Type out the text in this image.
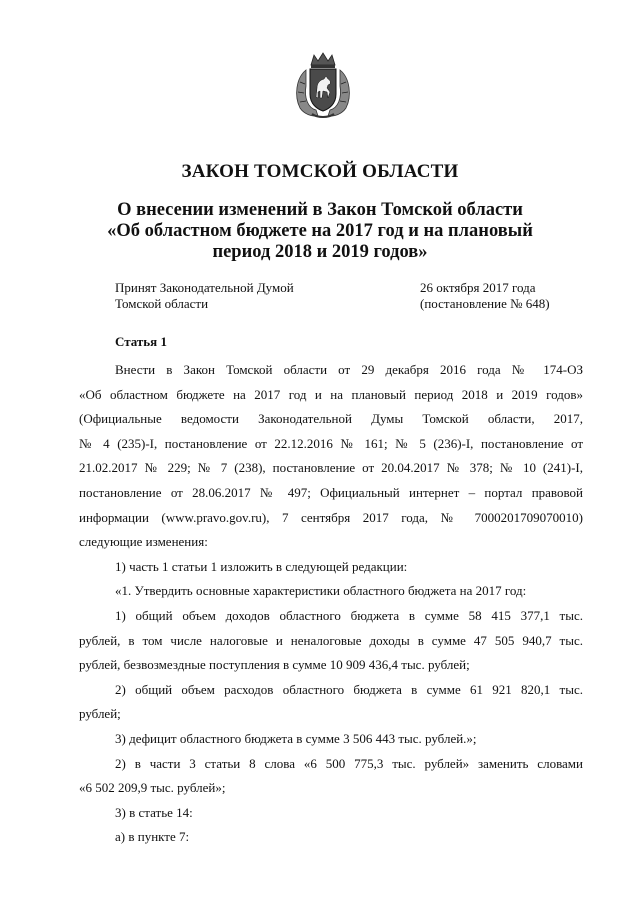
ЗАКОН ТОМСКОЙ ОБЛАСТИ
О внесении изменений в Закон Томской области
«Об областном бюджете на 2017 год и на плановый
период 2018 и 2019 годов»
Принят Законодательной Думой
Томской области
26 октября 2017 года
(постановление № 648)
Статья 1
Внести в Закон Томской области от 29 декабря 2016 года № 174-ОЗ
«Об областном бюджете на 2017 год и на плановый период 2018 и 2019 годов»
(Официальные ведомости Законодательной Думы Томской области, 2017,
№ 4 (235)-I, постановление от 22.12.2016 № 161; № 5 (236)-I, постановление от
21.02.2017 № 229; № 7 (238), постановление от 20.04.2017 № 378; № 10 (241)-I,
постановление от 28.06.2017 № 497; Официальный интернет – портал правовой
информации (www.pravo.gov.ru), 7 сентября 2017 года, № 7000201709070010)
следующие изменения:
1) часть 1 статьи 1 изложить в следующей редакции:
«1. Утвердить основные характеристики областного бюджета на 2017 год:
1) общий объем доходов областного бюджета в сумме 58 415 377,1 тыс.
рублей, в том числе налоговые и неналоговые доходы в сумме 47 505 940,7 тыс.
рублей, безвозмездные поступления в сумме 10 909 436,4 тыс. рублей;
2) общий объем расходов областного бюджета в сумме 61 921 820,1 тыс.
рублей;
3) дефицит областного бюджета в сумме 3 506 443 тыс. рублей.»;
2) в части 3 статьи 8 слова «6 500 775,3 тыс. рублей» заменить словами
«6 502 209,9 тыс. рублей»;
3) в статье 14:
а) в пункте 7:
